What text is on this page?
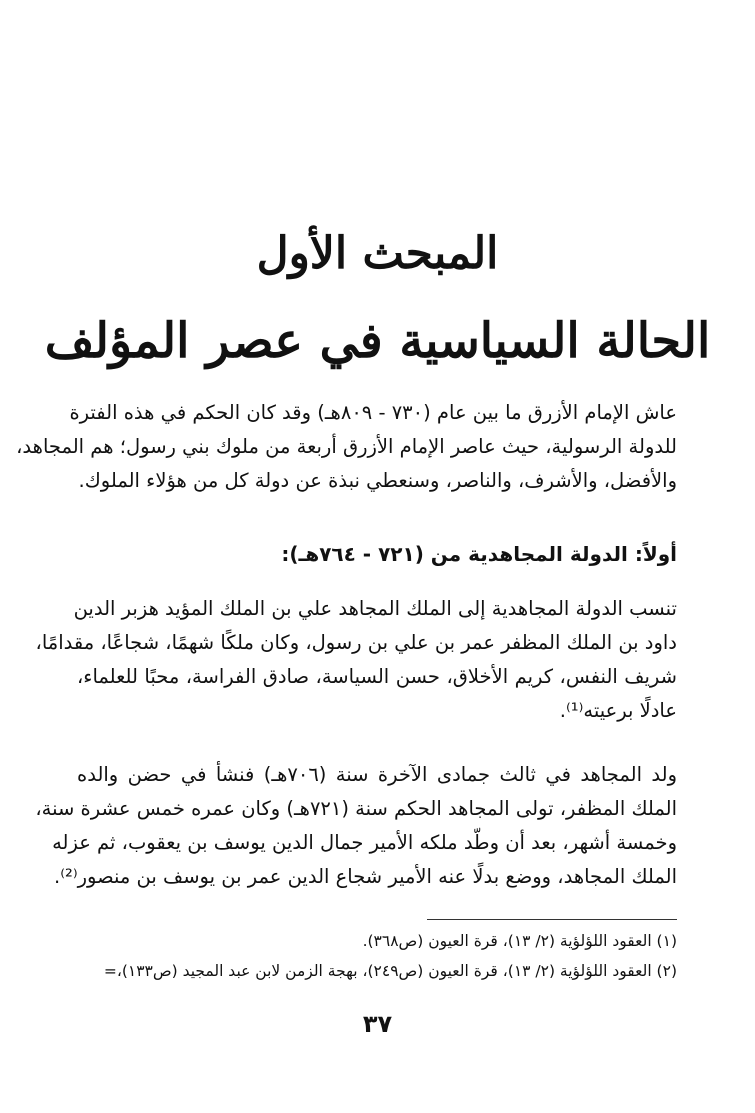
المبحث الأول
الحالة السياسية في عصر المؤلف

عاش الإمام الأزرق ما بين عام (٧٣٠ - ٨٠٩هـ) وقد كان الحكم في هذه الفترة
للدولة الرسولية، حيث عاصر الإمام الأزرق أربعة من ملوك بني رسول؛ هم المجاهد،
والأفضل، والأشرف، والناصر، وسنعطي نبذة عن دولة كل من هؤلاء الملوك.

أولاً: الدولة المجاهدية من (٧٢١ - ٧٦٤هـ):

تنسب الدولة المجاهدية إلى الملك المجاهد علي بن الملك المؤيد هزبر الدين
داود بن الملك المظفر عمر بن علي بن رسول، وكان ملكًا شهمًا، شجاعًا، مقدامًا،
شريف النفس، كريم الأخلاق، حسن السياسة، صادق الفراسة، محبًا للعلماء،
عادلًا برعيته⁽¹⁾.

ولد المجاهد في ثالث جمادى الآخرة سنة (٧٠٦هـ) فنشأ في حضن والده
الملك المظفر، تولى المجاهد الحكم سنة (٧٢١هـ) وكان عمره خمس عشرة سنة،
وخمسة أشهر، بعد أن وطّد ملكه الأمير جمال الدين يوسف بن يعقوب، ثم عزله
الملك المجاهد، ووضع بدلًا عنه الأمير شجاع الدين عمر بن يوسف بن منصور⁽²⁾.

(١) العقود اللؤلؤية (٢/ ١٣)، قرة العيون (ص٣٦٨).
(٢) العقود اللؤلؤية (٢/ ١٣)، قرة العيون (ص٢٤٩)، بهجة الزمن لابن عبد المجيد (ص١٣٣)،=
٣٧
